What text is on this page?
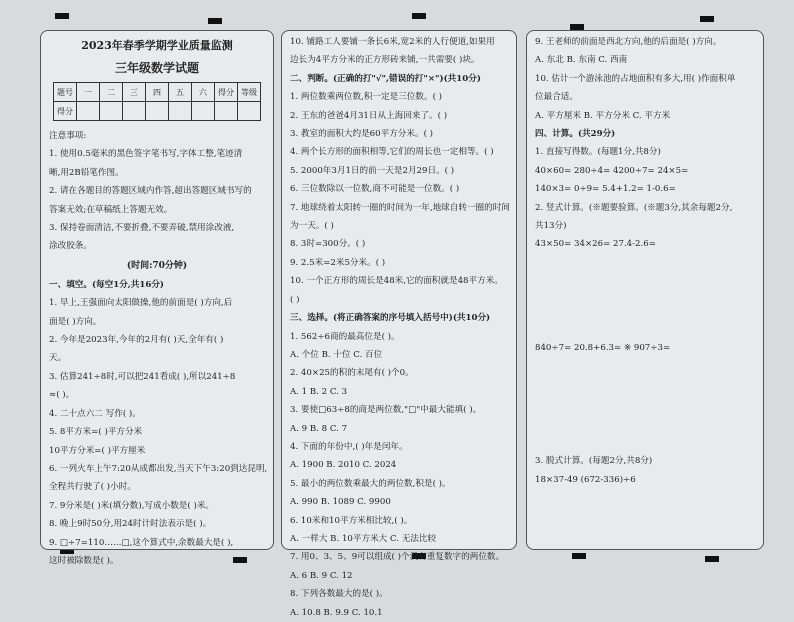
2023年春季学期学业质量监测
三年级数学试题
题号	一	二	三	四	五	六	得分	等级
得分								

注意事项:

1. 使用0.5毫米的黑色签字笔书写,字体工整,笔迹清

晰,用2B铅笔作图。

2. 请在各题目的答题区域内作答,超出答题区域书写的

答案无效;在草稿纸上答题无效。

3. 保持卷面清洁,不要折叠,不要弄破,禁用涂改液,

涂改胶条。

(时间:70分钟)

一、填空。(每空1分,共16分)

1. 早上,王强面向太阳做操,他的前面是( )方向,后

面是( )方向。

2. 今年是2023年,今年的2月有( )天,全年有( )

天。

3. 估算241÷8时,可以把241看成( ),所以241÷8

≈( )。

4. 二十点六二 写作( )。

5. 8平方米=( )平方分米

10平方分米=( )平方厘米

6. 一列火车上午7:20从成都出发,当天下午3:20到达昆明,

全程共行驶了( )小时。

7. 9分米是( )米(填分数),写成小数是( )米。

8. 晚上9时50分,用24时计时法表示是( )。

9. □÷7=110……□,这个算式中,余数最大是( ),

这时被除数是( )。

10. 铺路工人要铺一条长6米,宽2米的人行便道,如果用

边长为4平方分米的正方形砖来铺,一共需要( )块。

二、判断。(正确的打"√",错误的打"×")(共10分)

1. 两位数乘两位数,积一定是三位数。( )

2. 王东的爸爸4月31日从上海回来了。( )

3. 教室的面积大约是60平方分米。( )

4. 两个长方形的面积相等,它们的周长也一定相等。( )

5. 2000年3月1日的前一天是2月29日。( )

6. 三位数除以一位数,商不可能是一位数。( )

7. 地球绕着太阳转一圈的时间为一年,地球自转一圈的时间

为一天。( )

8. 3时=300分。( )

9. 2.5米=2米5分米。( )

10. 一个正方形的周长是48米,它的面积就是48平方米。

( )

三、选择。(将正确答案的序号填入括号中)(共10分)

1. 562÷6商的最高位是( )。

A. 个位 B. 十位 C. 百位

2. 40×25的积的末尾有( )个0。

A. 1 B. 2 C. 3

3. 要使□63÷8的商是两位数,"□"中最大能填( )。

A. 9 B. 8 C. 7

4. 下面的年份中,( )年是闰年。

A. 1900 B. 2010 C. 2024

5. 最小的两位数乘最大的两位数,积是( )。

A. 990 B. 1089 C. 9900

6. 10米和10平方米相比较,( )。

A. 一样大 B. 10平方米大 C. 无法比较

7. 用0、3、5、9可以组成( )个没有重复数字的两位数。

A. 6 B. 9 C. 12

8. 下列各数最大的是( )。

A. 10.8 B. 9.9 C. 10.1

9. 王老师的前面是西北方向,他的后面是( )方向。

A. 东北 B. 东南 C. 西南

10. 估计一个游泳池的占地面积有多大,用( )作面积单

位最合适。

A. 平方厘米 B. 平方分米 C. 平方米

四、计算。(共29分)

1. 直接写得数。(每题1分,共8分)

40×60= 280÷4= 4200÷7= 24×5=

140×3= 0÷9= 5.4+1.2= 1-0.6=

2. 竖式计算。(※题要验算。(※题3分,其余每题2分,

共13分)

43×50= 34×26= 27.4-2.6=

840÷7= 20.8+6.3= ※ 907÷3=

3. 脱式计算。(每题2分,共8分)

18×37-49 (672-336)÷6
